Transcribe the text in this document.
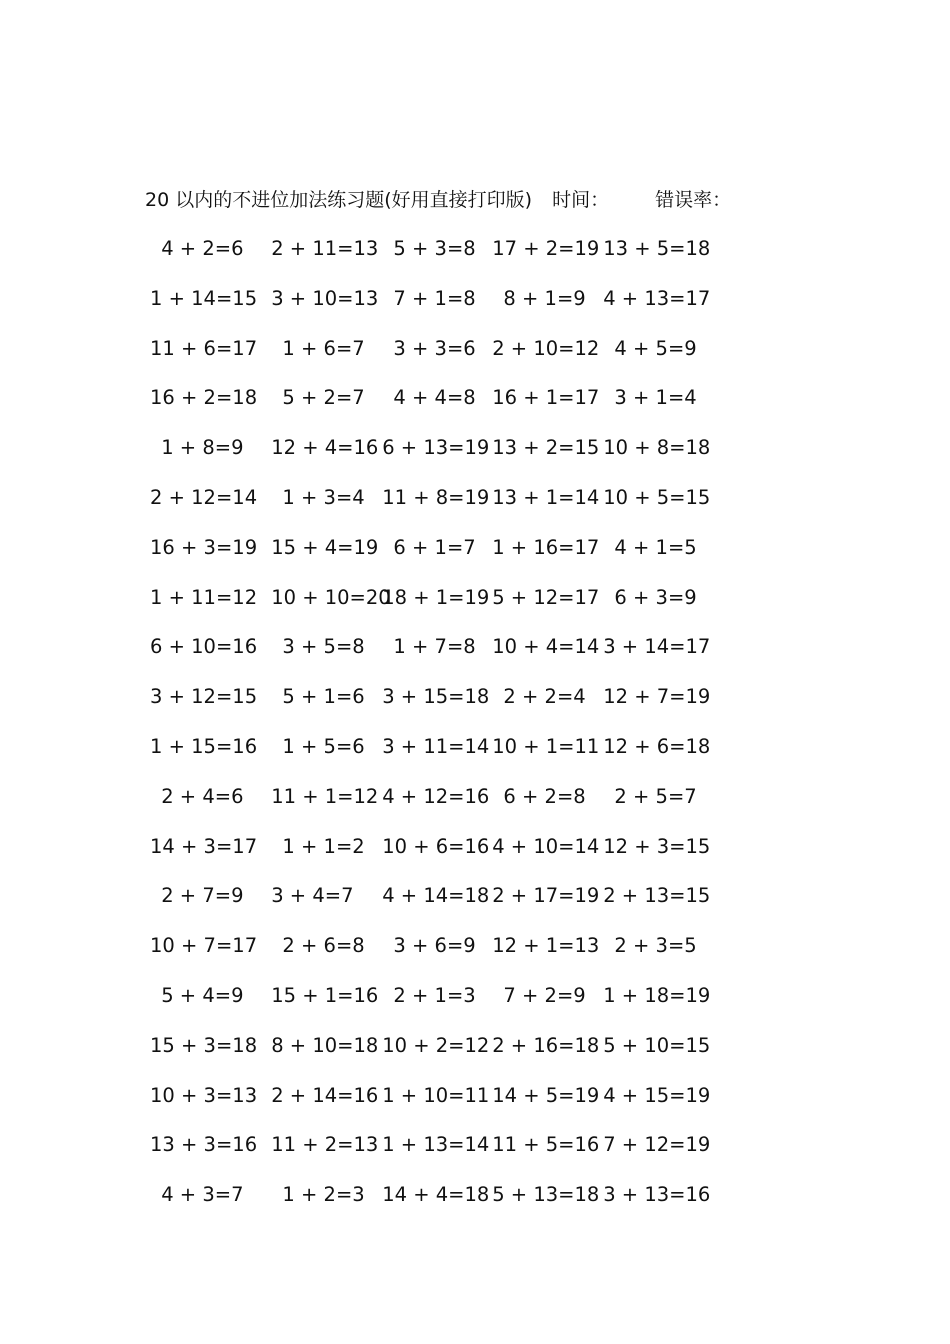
20 以内的不进位加法练习题(好用直接打印版) 时间： 错误率：
4 + 2=6 2 + 11=13 5 + 3=8 17 + 2=19 13 + 5=18
1 + 14=15 3 + 10=13 7 + 1=8 8 + 1=9 4 + 13=17
11 + 6=17 1 + 6=7 3 + 3=6 2 + 10=12 4 + 5=9
16 + 2=18 5 + 2=7 4 + 4=8 16 + 1=17 3 + 1=4
1 + 8=9 12 + 4=16 6 + 13=19 13 + 2=15 10 + 8=18
2 + 12=14 1 + 3=4 11 + 8=19 13 + 1=14 10 + 5=15
16 + 3=19 15 + 4=19 6 + 1=7 1 + 16=17 4 + 1=5
1 + 11=12 10 + 10=20
18 + 1=19 5 + 12=17 6 + 3=9
6 + 10=16 3 + 5=8 1 + 7=8 10 + 4=14 3 + 14=17
3 + 12=15 5 + 1=6 3 + 15=18 2 + 2=4 12 + 7=19
1 + 15=16 1 + 5=6 3 + 11=14 10 + 1=11 12 + 6=18
2 + 4=6 11 + 1=12 4 + 12=16 6 + 2=8 2 + 5=7
14 + 3=17 1 + 1=2 10 + 6=16 4 + 10=14 12 + 3=15
2 + 7=9 3 + 4=7 4 + 14=18 2 + 17=19 2 + 13=15
10 + 7=17 2 + 6=8 3 + 6=9 12 + 1=13 2 + 3=5
5 + 4=9 15 + 1=16 2 + 1=3 7 + 2=9 1 + 18=19
15 + 3=18 8 + 10=18 10 + 2=12 2 + 16=18 5 + 10=15
10 + 3=13 2 + 14=16 1 + 10=11 14 + 5=19 4 + 15=19
13 + 3=16 11 + 2=13 1 + 13=14 11 + 5=16 7 + 12=19
4 + 3=7 1 + 2=3 14 + 4=18 5 + 13=18 3 + 13=16
